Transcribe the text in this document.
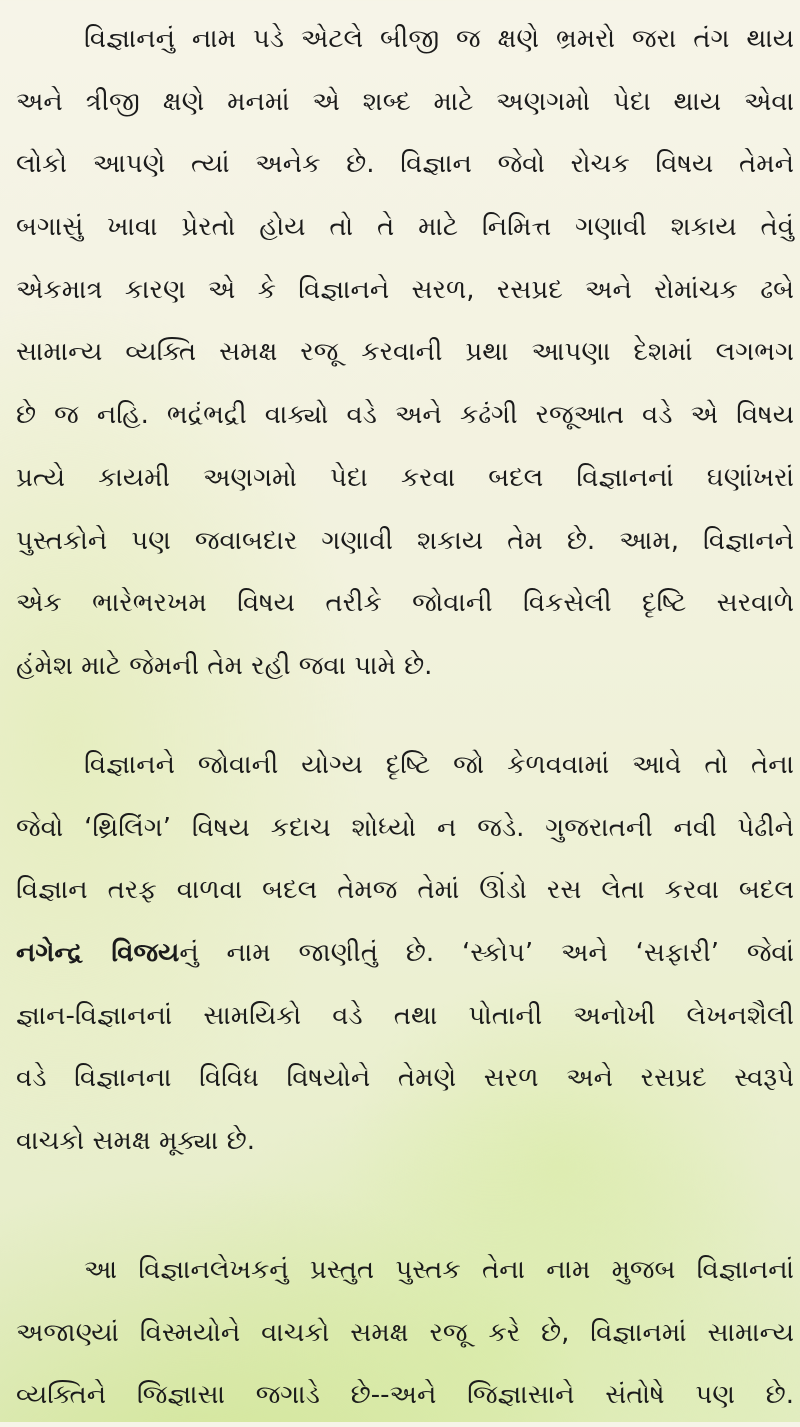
વિજ્ઞાનનું નામ પડે એટલે બીજી જ ક્ષણે ભ્રમરો જરા તંગ થાય
અને ત્રીજી ક્ષણે મનમાં એ શબ્દ માટે અણગમો પેદા થાય એવા
લોકો આપણે ત્યાં અનેક છે. વિજ્ઞાન જેવો રોચક વિષય તેમને
બગાસું ખાવા પ્રેરતો હોય તો તે માટે નિમિત્ત ગણાવી શકાય તેવું
એકમાત્ર કારણ એ કે વિજ્ઞાનને સરળ, રસપ્રદ અને રોમાંચક ઢબે
સામાન્ય વ્યક્તિ સમક્ષ રજૂ કરવાની પ્રથા આપણા દેશમાં લગભગ
છે જ નહિ. ભદ્રંભદ્રી વાક્યો વડે અને કઢંગી રજૂઆત વડે એ વિષય
પ્રત્યે કાયમી અણગમો પેદા કરવા બદલ વિજ્ઞાનનાં ઘણાંખરાં
પુસ્તકોને પણ જવાબદાર ગણાવી શકાય તેમ છે. આમ, વિજ્ઞાનને
એક ભારેભરખમ વિષય તરીકે જોવાની વિકસેલી દૃષ્ટિ સરવાળે
હંમેશ માટે જેમની તેમ રહી જવા પામે છે.
વિજ્ઞાનને જોવાની યોગ્ય દૃષ્ટિ જો કેળવવામાં આવે તો તેના
જેવો ‘થ્રિલિંગ’ વિષય કદાચ શોધ્યો ન જડે. ગુજરાતની નવી પેઢીને
વિજ્ઞાન તરફ વાળવા બદલ તેમજ તેમાં ઊંડો રસ લેતા કરવા બદલ
નગેન્દ્ર વિજયનું નામ જાણીતું છે. ‘સ્કોપ’ અને ‘સફારી’ જેવાં
જ્ઞાન-વિજ્ઞાનનાં સામયિકો વડે તથા પોતાની અનોખી લેખનશૈલી
વડે વિજ્ઞાનના વિવિધ વિષયોને તેમણે સરળ અને રસપ્રદ સ્વરૂપે
વાચકો સમક્ષ મૂક્યા છે.
આ વિજ્ઞાનલેખકનું પ્રસ્તુત પુસ્તક તેના નામ મુજબ વિજ્ઞાનનાં
અજાણ્યાં વિસ્મયોને વાચકો સમક્ષ રજૂ કરે છે, વિજ્ઞાનમાં સામાન્ય
વ્યક્તિને જિજ્ઞાસા જગાડે છે--અને જિજ્ઞાસાને સંતોષે પણ છે.
